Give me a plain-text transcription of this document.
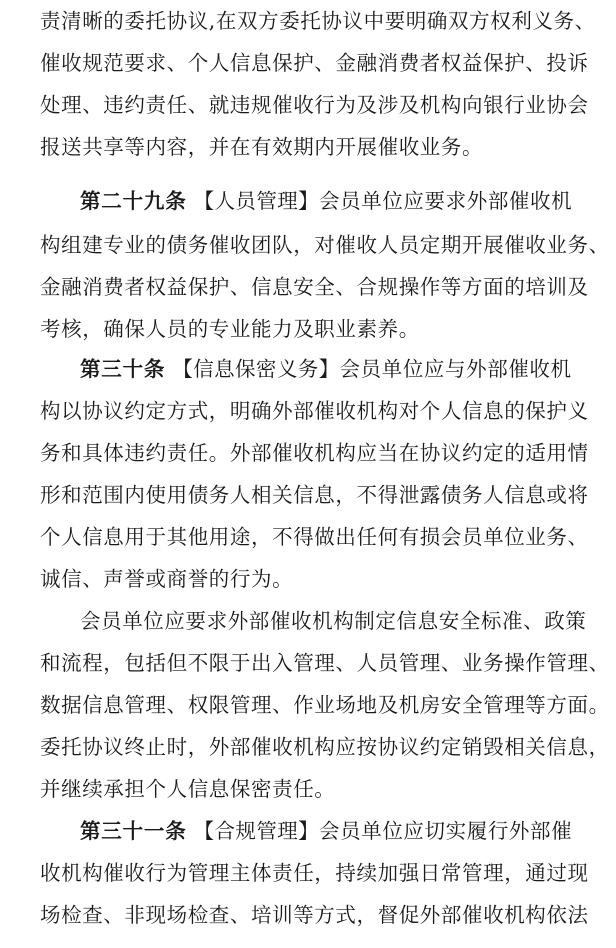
责清晰的委托协议,在双方委托协议中要明确双方权利义务、
催收规范要求、个人信息保护、金融消费者权益保护、投诉
处理、违约责任、就违规催收行为及涉及机构向银行业协会
报送共享等内容，并在有效期内开展催收业务。
第二十九条 【人员管理】会员单位应要求外部催收机
构组建专业的债务催收团队，对催收人员定期开展催收业务、
金融消费者权益保护、信息安全、合规操作等方面的培训及
考核，确保人员的专业能力及职业素养。
第三十条 【信息保密义务】会员单位应与外部催收机
构以协议约定方式，明确外部催收机构对个人信息的保护义
务和具体违约责任。外部催收机构应当在协议约定的适用情
形和范围内使用债务人相关信息，不得泄露债务人信息或将
个人信息用于其他用途，不得做出任何有损会员单位业务、
诚信、声誉或商誉的行为。
会员单位应要求外部催收机构制定信息安全标准、政策
和流程，包括但不限于出入管理、人员管理、业务操作管理、
数据信息管理、权限管理、作业场地及机房安全管理等方面。
委托协议终止时，外部催收机构应按协议约定销毁相关信息，
并继续承担个人信息保密责任。
第三十一条 【合规管理】会员单位应切实履行外部催
收机构催收行为管理主体责任，持续加强日常管理，通过现
场检查、非现场检查、培训等方式，督促外部催收机构依法
